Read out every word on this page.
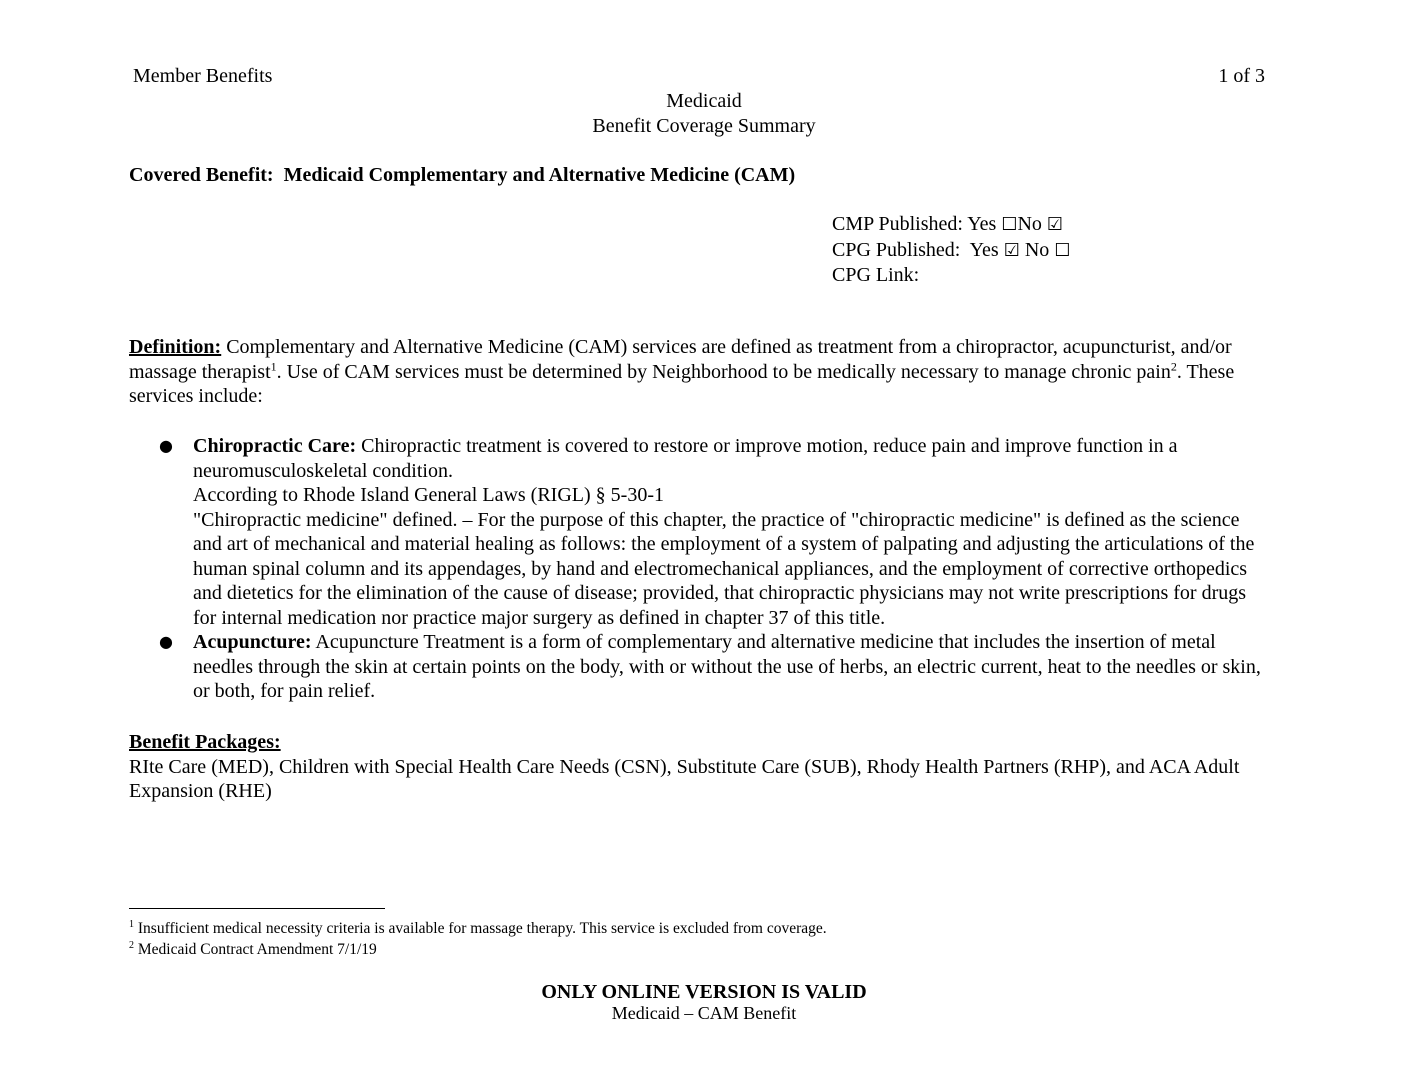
Member Benefits	1 of 3
Medicaid
Benefit Coverage Summary
Covered Benefit: Medicaid Complementary and Alternative Medicine (CAM)
CMP Published: Yes ☐No ☑
CPG Published:  Yes ☑ No ☐
CPG Link:
Definition: Complementary and Alternative Medicine (CAM) services are defined as treatment from a chiropractor, acupuncturist, and/or massage therapist$^1$. Use of CAM services must be determined by Neighborhood to be medically necessary to manage chronic pain$^2$. These services include:
● Chiropractic Care: Chiropractic treatment is covered to restore or improve motion, reduce pain and improve function in a neuromusculoskeletal condition.
According to Rhode Island General Laws (RIGL) § 5-30-1
"Chiropractic medicine" defined. – For the purpose of this chapter, the practice of "chiropractic medicine" is defined as the science and art of mechanical and material healing as follows: the employment of a system of palpating and adjusting the articulations of the human spinal column and its appendages, by hand and electromechanical appliances, and the employment of corrective orthopedics and dietetics for the elimination of the cause of disease; provided, that chiropractic physicians may not write prescriptions for drugs for internal medication nor practice major surgery as defined in chapter 37 of this title.
● Acupuncture: Acupuncture Treatment is a form of complementary and alternative medicine that includes the insertion of metal needles through the skin at certain points on the body, with or without the use of herbs, an electric current, heat to the needles or skin, or both, for pain relief.
Benefit Packages:
RIte Care (MED), Children with Special Health Care Needs (CSN), Substitute Care (SUB), Rhody Health Partners (RHP), and ACA Adult Expansion (RHE)
$^1$ Insufficient medical necessity criteria is available for massage therapy. This service is excluded from coverage.
$^2$ Medicaid Contract Amendment 7/1/19
ONLY ONLINE VERSION IS VALID
Medicaid – CAM Benefit
